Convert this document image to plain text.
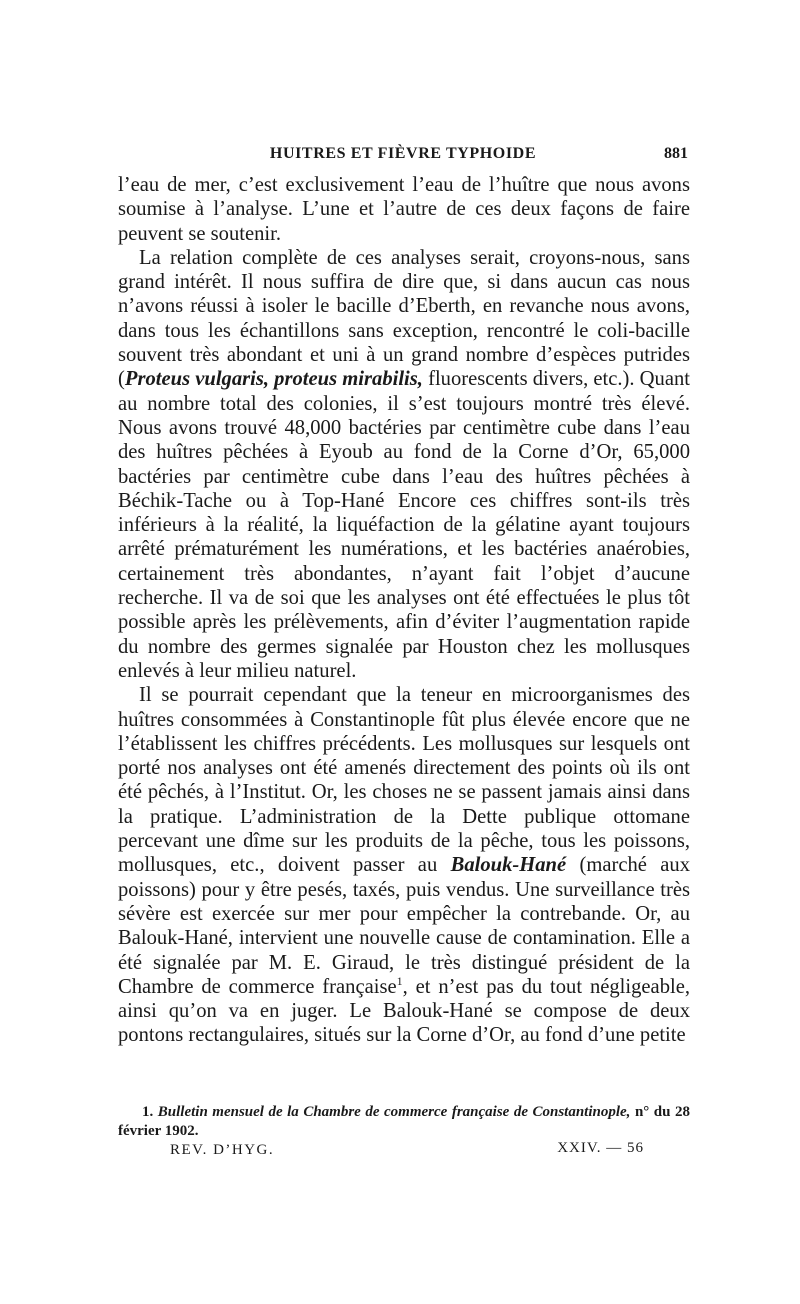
HUITRES ET FIÈVRE TYPHOIDE	881

l’eau de mer, c’est exclusivement l’eau de l’huître que nous avons soumise à l’analyse. L’une et l’autre de ces deux façons de faire peuvent se soutenir.

La relation complète de ces analyses serait, croyons-nous, sans grand intérêt. Il nous suffira de dire que, si dans aucun cas nous n’avons réussi à isoler le bacille d’Eberth, en revanche nous avons, dans tous les échantillons sans exception, rencontré le coli-bacille souvent très abondant et uni à un grand nombre d’espèces putrides (Proteus vulgaris, proteus mirabilis, fluorescents divers, etc.). Quant au nombre total des colonies, il s’est toujours montré très élevé. Nous avons trouvé 48,000 bactéries par centimètre cube dans l’eau des huîtres pêchées à Eyoub au fond de la Corne d’Or, 65,000 bactéries par centimètre cube dans l’eau des huîtres pêchées à Béchik-Tache ou à Top-Hané Encore ces chiffres sont-ils très inférieurs à la réalité, la liquéfaction de la gélatine ayant toujours arrêté prématurément les numérations, et les bactéries anaérobies, certainement très abondantes, n’ayant fait l’objet d’aucune recherche. Il va de soi que les analyses ont été effectuées le plus tôt possible après les prélèvements, afin d’éviter l’augmentation rapide du nombre des germes signalée par Houston chez les mollusques enlevés à leur milieu naturel.

Il se pourrait cependant que la teneur en microorganismes des huîtres consommées à Constantinople fût plus élevée encore que ne l’établissent les chiffres précédents. Les mollusques sur lesquels ont porté nos analyses ont été amenés directement des points où ils ont été pêchés, à l’Institut. Or, les choses ne se passent jamais ainsi dans la pratique. L’administration de la Dette publique ottomane percevant une dîme sur les produits de la pêche, tous les poissons, mollusques, etc., doivent passer au Balouk-Hané (marché aux poissons) pour y être pesés, taxés, puis vendus. Une surveillance très sévère est exercée sur mer pour empêcher la contrebande. Or, au Balouk-Hané, intervient une nouvelle cause de contamination. Elle a été signalée par M. E. Giraud, le très distingué président de la Chambre de commerce française$^1$, et n’est pas du tout négligeable, ainsi qu’on va en juger. Le Balouk-Hané se compose de deux pontons rectangulaires, situés sur la Corne d’Or, au fond d’une petite

1. Bulletin mensuel de la Chambre de commerce française de Constantinople, n° du 28 février 1902.
REV. D’HYG.	XXIV. — 56
